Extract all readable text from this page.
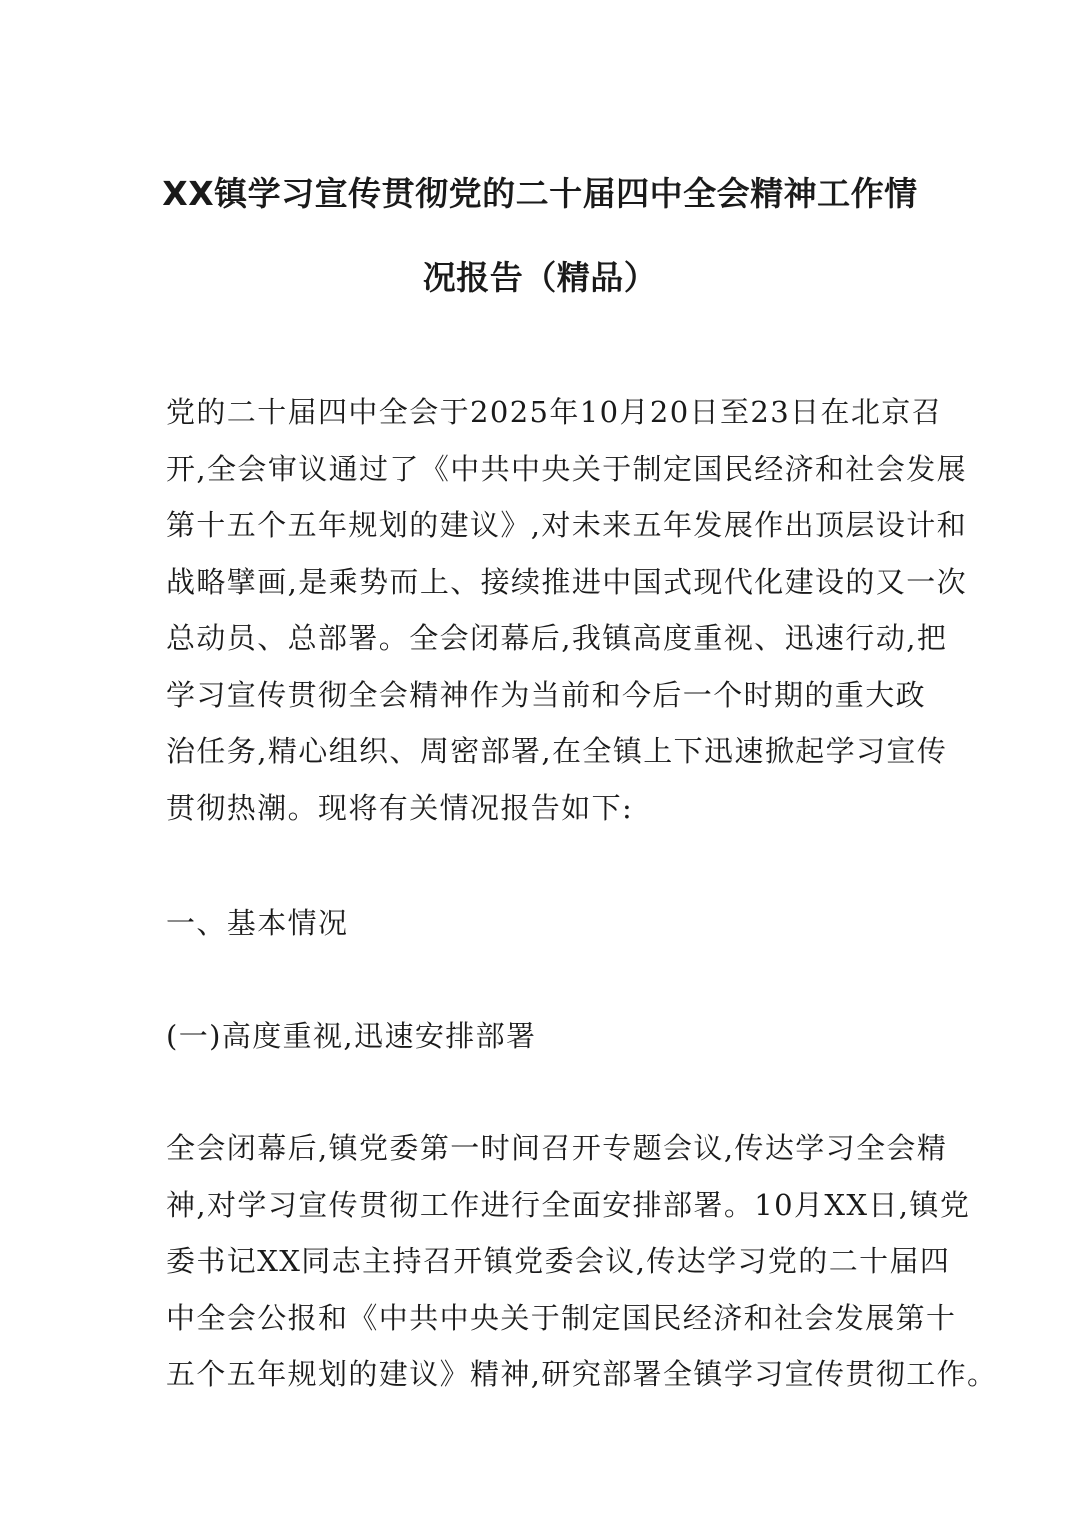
XX镇学习宣传贯彻党的二十届四中全会精神工作情
况报告（精品）
党的二十届四中全会于2025年10月20日至23日在北京召
开,全会审议通过了《中共中央关于制定国民经济和社会发展
第十五个五年规划的建议》,对未来五年发展作出顶层设计和
战略擘画,是乘势而上、接续推进中国式现代化建设的又一次
总动员、总部署。全会闭幕后,我镇高度重视、迅速行动,把
学习宣传贯彻全会精神作为当前和今后一个时期的重大政
治任务,精心组织、周密部署,在全镇上下迅速掀起学习宣传
贯彻热潮。现将有关情况报告如下:
一、基本情况
(一)高度重视,迅速安排部署
全会闭幕后,镇党委第一时间召开专题会议,传达学习全会精
神,对学习宣传贯彻工作进行全面安排部署。10月XX日,镇党
委书记XX同志主持召开镇党委会议,传达学习党的二十届四
中全会公报和《中共中央关于制定国民经济和社会发展第十
五个五年规划的建议》精神,研究部署全镇学习宣传贯彻工作。
